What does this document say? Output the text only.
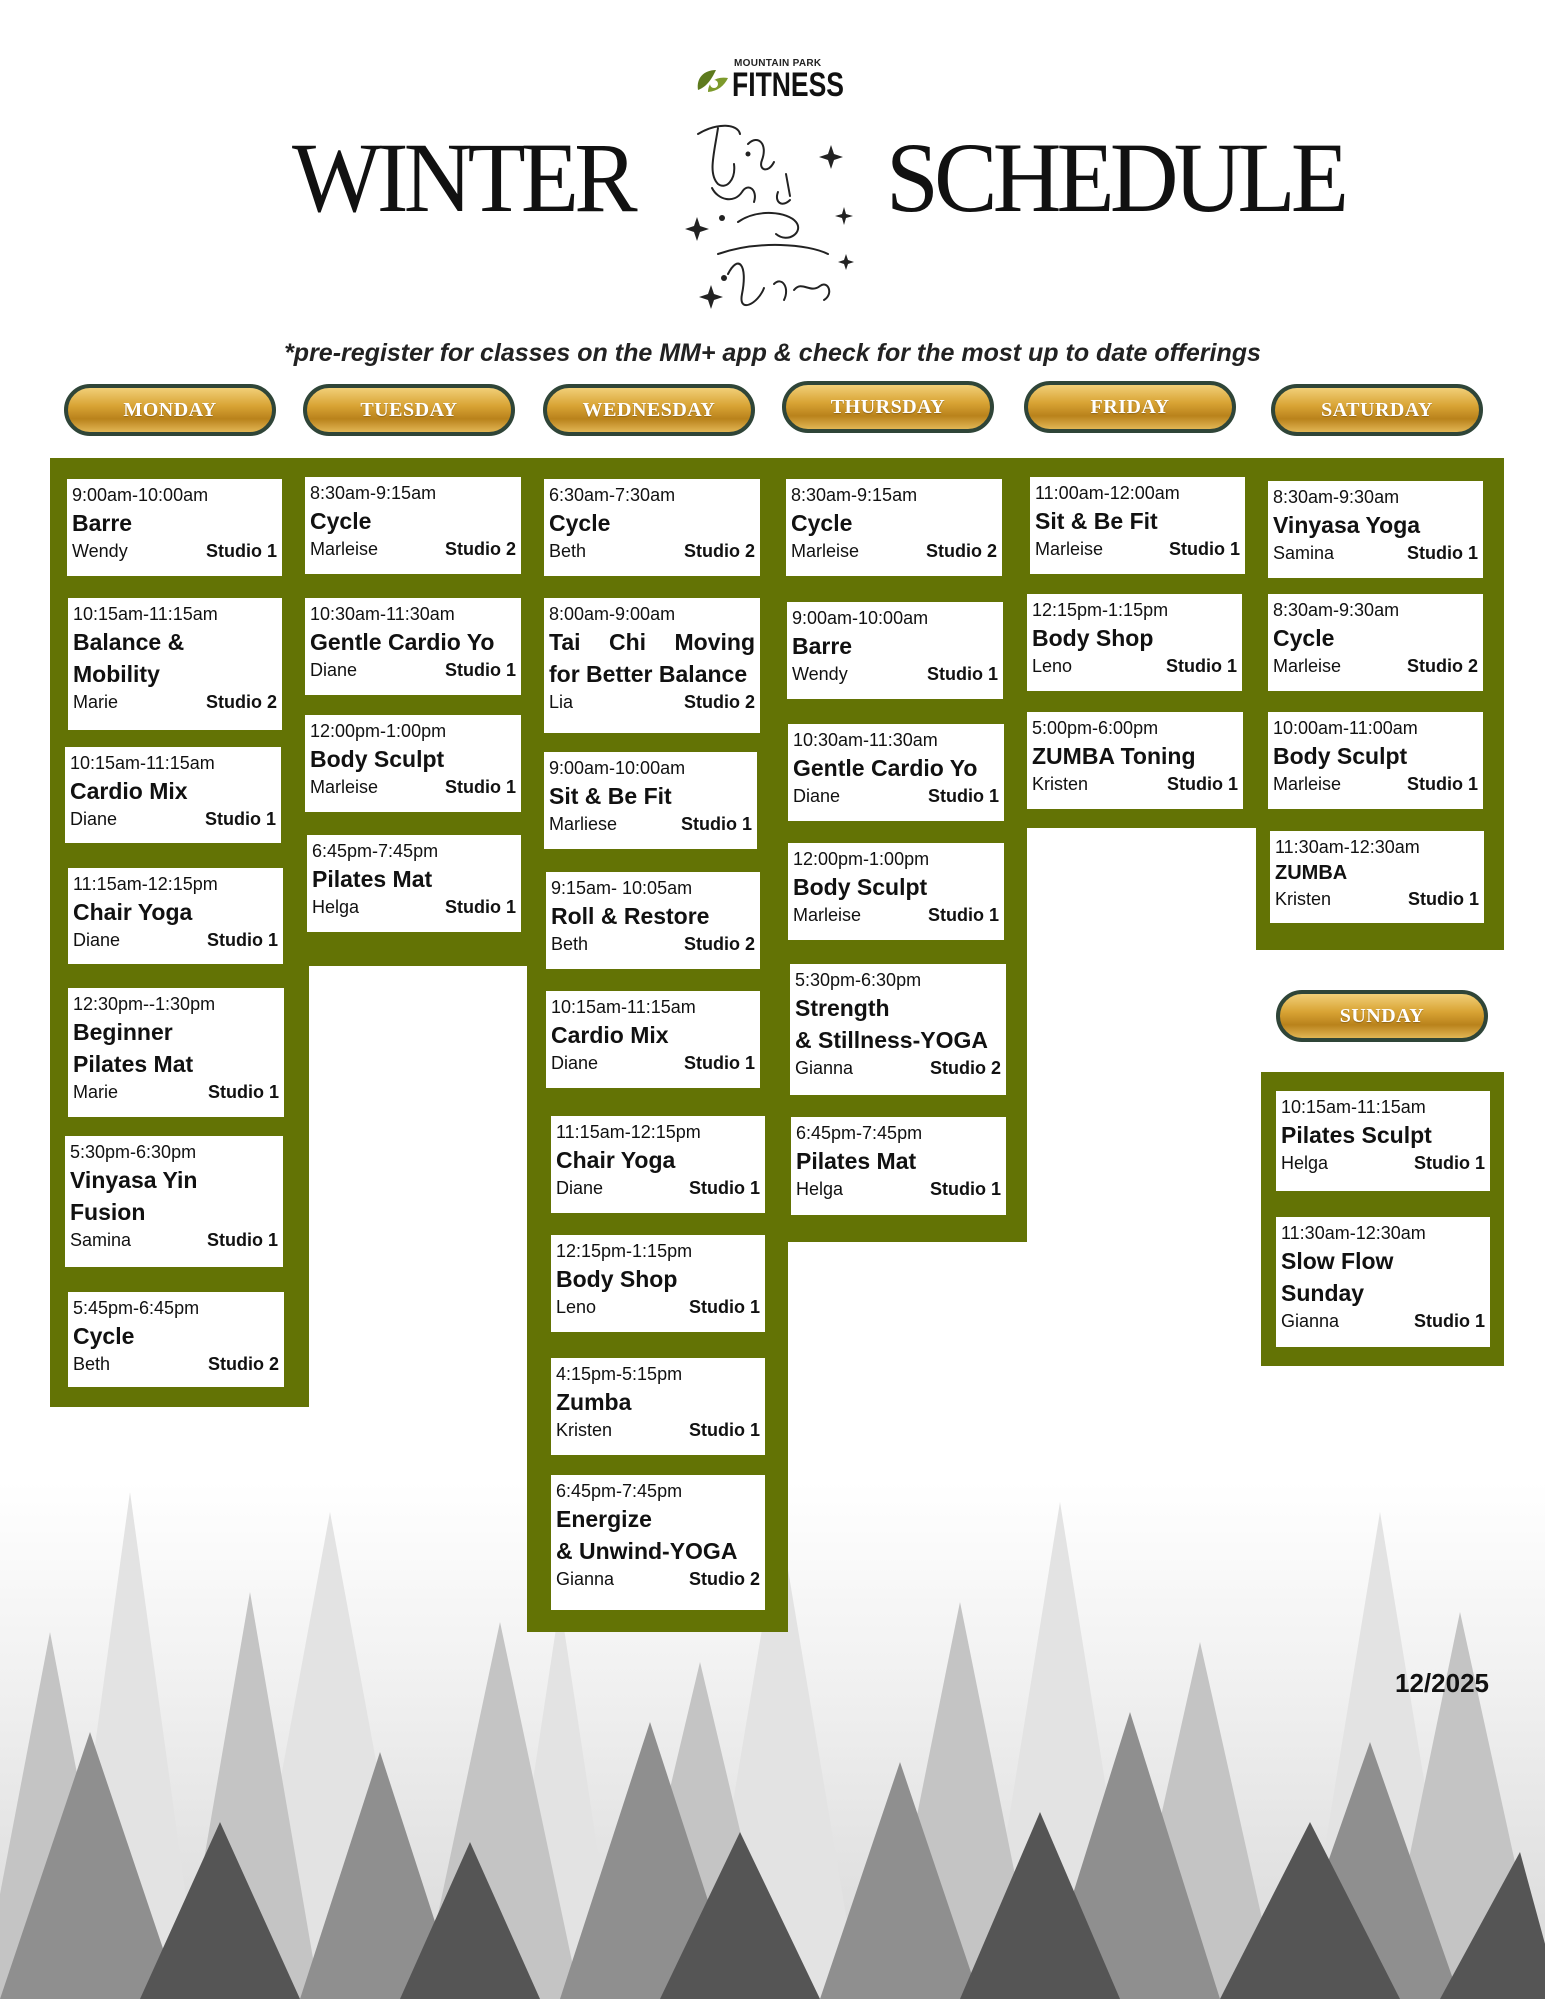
MOUNTAIN PARK
FITNESS
WINTER	SCHEDULE
Take your time
*pre-register for classes on the MM+ app & check for the most up to date offerings
MONDAY	TUESDAY	WEDNESDAY	THURSDAY	FRIDAY	SATURDAY
SUNDAY
9:00am-10:00am
Barre
Wendy	Studio 1
10:15am-11:15am
Balance &
Mobility
Marie	Studio 2
10:15am-11:15am
Cardio Mix
Diane	Studio 1
11:15am-12:15pm
Chair Yoga
Diane	Studio 1
12:30pm--1:30pm
Beginner
Pilates Mat
Marie	Studio 1
5:30pm-6:30pm
Vinyasa Yin
Fusion
Samina	Studio 1
5:45pm-6:45pm
Cycle
Beth	Studio 2
8:30am-9:15am
Cycle
Marleise	Studio 2
10:30am-11:30am
Gentle Cardio Yo
Diane	Studio 1
12:00pm-1:00pm
Body Sculpt
Marleise	Studio 1
6:45pm-7:45pm
Pilates Mat
Helga	Studio 1
6:30am-7:30am
Cycle
Beth	Studio 2
8:00am-9:00am
Tai Chi Moving
for Better Balance
Lia	Studio 2
9:00am-10:00am
Sit & Be Fit
Marliese	Studio 1
9:15am- 10:05am
Roll & Restore
Beth	Studio 2
10:15am-11:15am
Cardio Mix
Diane	Studio 1
11:15am-12:15pm
Chair Yoga
Diane	Studio 1
12:15pm-1:15pm
Body Shop
Leno	Studio 1
4:15pm-5:15pm
Zumba
Kristen	Studio 1
6:45pm-7:45pm
Energize
& Unwind-YOGA
Gianna	Studio 2
8:30am-9:15am
Cycle
Marleise	Studio 2
9:00am-10:00am
Barre
Wendy	Studio 1
10:30am-11:30am
Gentle Cardio Yo
Diane	Studio 1
12:00pm-1:00pm
Body Sculpt
Marleise	Studio 1
5:30pm-6:30pm
Strength
& Stillness-YOGA
Gianna	Studio 2
6:45pm-7:45pm
Pilates Mat
Helga	Studio 1
11:00am-12:00am
Sit & Be Fit
Marleise	Studio 1
12:15pm-1:15pm
Body Shop
Leno	Studio 1
5:00pm-6:00pm
ZUMBA Toning
Kristen	Studio 1
8:30am-9:30am
Vinyasa Yoga
Samina	Studio 1
8:30am-9:30am
Cycle
Marleise	Studio 2
10:00am-11:00am
Body Sculpt
Marleise	Studio 1
11:30am-12:30am
ZUMBA
Kristen	Studio 1
10:15am-11:15am
Pilates Sculpt
Helga	Studio 1
11:30am-12:30am
Slow Flow
Sunday
Gianna	Studio 1
12/2025
